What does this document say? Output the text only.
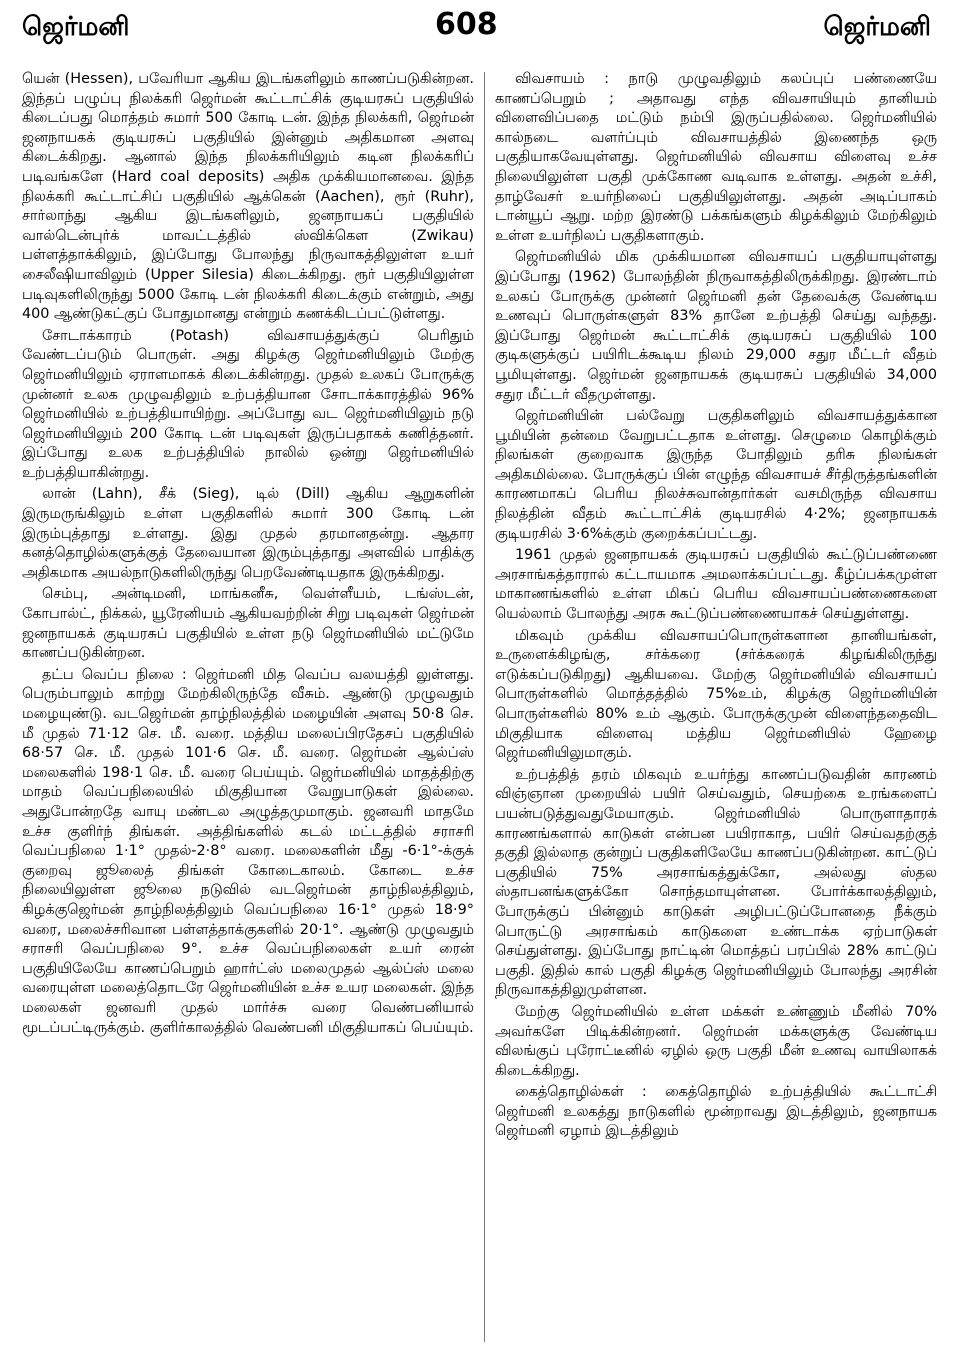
ஜெர்மனி	608	ஜெர்மனி

யென் (Hessen), பவேரியா ஆகிய இடங்களிலும் காணப்படுகின்றன. இந்தப் பழுப்பு நிலக்கரி ஜெர்மன் கூட்டாட்சிக் குடியரசுப் பகுதியில் கிடைப்பது மொத்தம் சுமார் 500 கோடி டன். இந்த நிலக்கரி, ஜெர்மன் ஜனநாயகக் குடியரசுப் பகுதியில் இன்னும் அதிகமான அளவு கிடைக்கிறது. ஆனால் இந்த நிலக்கரியிலும் கடின நிலக்கரிப் படிவங்களே (Hard coal deposits) அதிக முக்கியமானவை. இந்த நிலக்கரி கூட்டாட்சிப் பகுதியில் ஆக்கென் (Aachen), ரூர் (Ruhr), சார்லாந்து ஆகிய இடங்களிலும், ஜனநாயகப் பகுதியில் வால்டென்புர்க் மாவட்டத்தில் ஸ்விக்கெள (Zwikau) பள்ளத்தாக்கிலும், இப்போது போலந்து நிருவாகத்திலுள்ள உயர் சைலீஷியாவிலும் (Upper Silesia) கிடைக்கிறது. ரூர் பகுதியிலுள்ள படிவுகளிலிருந்து 5000 கோடி டன் நிலக்கரி கிடைக்கும் என்றும், அது 400 ஆண்டுகட்குப் போதுமானது என்றும் கணக்கிடப்பட்டுள்ளது.

சோடாக்காரம் (Potash) விவசாயத்துக்குப் பெரிதும் வேண்டப்படும் பொருள். அது கிழக்கு ஜெர்மனியிலும் மேற்கு ஜெர்மனியிலும் ஏராளமாகக் கிடைக்கின்றது. முதல் உலகப் போருக்கு முன்னர் உலக முழுவதிலும் உற்பத்தியான சோடாக்காரத்தில் 96% ஜெர்மனியில் உற்பத்தியாயிற்று. அப்போது வட ஜெர்மனியிலும் நடு ஜெர்மனியிலும் 200 கோடி டன் படிவுகள் இருப்பதாகக் கணித்தனர். இப்போது உலக உற்பத்தியில் நாலில் ஒன்று ஜெர்மனியில் உற்பத்தியாகின்றது.

லான் (Lahn), சீக் (Sieg), டில் (Dill) ஆகிய ஆறுகளின் இருமருங்கிலும் உள்ள பகுதிகளில் சுமார் 300 கோடி டன் இரும்புத்தாது உள்ளது. இது முதல் தரமானதன்று. ஆதார கனத்தொழில்களுக்குத் தேவையான இரும்புத்தாது அளவில் பாதிக்கு அதிகமாக அயல்நாடுகளிலிருந்து பெறவேண்டியதாக இருக்கிறது.

செம்பு, அன்டிமனி, மாங்கனீசு, வெள்ளீயம், டங்ஸ்டன், கோபால்ட், நிக்கல், யூரேனியம் ஆகியவற்றின் சிறு படிவுகள் ஜெர்மன் ஜனநாயகக் குடியரசுப் பகுதியில் உள்ள நடு ஜெர்மனியில் மட்டுமே காணப்படுகின்றன.

தட்ப வெப்ப நிலை : ஜெர்மனி மித வெப்ப வலயத்தி லுள்ளது. பெரும்பாலும் காற்று மேற்கிலிருந்தே வீசும். ஆண்டு முழுவதும் மழையுண்டு. வடஜெர்மன் தாழ்நிலத்தில் மழையின் அளவு 50·8 செ. மீ முதல் 71·12 செ. மீ. வரை. மத்திய மலைப்பிரதேசப் பகுதியில் 68·57 செ. மீ. முதல் 101·6 செ. மீ. வரை. ஜெர்மன் ஆல்ப்ஸ் மலைகளில் 198·1 செ. மீ. வரை பெய்யும். ஜெர்மனியில் மாதத்திற்கு மாதம் வெப்பநிலையில் மிகுதியான வேறுபாடுகள் இல்லை. அதுபோன்றதே வாயு மண்டல அழுத்தமுமாகும். ஜனவரி மாதமே உச்ச குளிர்ந் திங்கள். அத்திங்களில் கடல் மட்டத்தில் சராசரி வெப்பநிலை 1·1° முதல்-2·8° வரை. மலைகளின் மீது -6·1°-க்குக் குறைவு ஜூலைத் திங்கள் கோடைகாலம். கோடை உச்ச நிலையிலுள்ள ஜூலை நடுவில் வடஜெர்மன் தாழ்நிலத்திலும், கிழக்குஜெர்மன் தாழ்நிலத்திலும் வெப்பநிலை 16·1° முதல் 18·9° வரை, மலைச்சரிவான பள்ளத்தாக்குகளில் 20·1°. ஆண்டு முழுவதும் சராசரி வெப்பநிலை 9°. உச்ச வெப்பநிலைகள் உயர் ரைன் பகுதியிலேயே காணப்பெறும் ஹார்ட்ஸ் மலைமுதல் ஆல்ப்ஸ் மலை வரையுள்ள மலைத்தொடரே ஜெர்மனியின் உச்ச உயர மலைகள். இந்த மலைகள் ஜனவரி முதல் மார்ச்சு வரை வெண்பனியால் மூடப்பட்டிருக்கும். குளிர்காலத்தில் வெண்பனி மிகுதியாகப் பெய்யும்.

விவசாயம் : நாடு முழுவதிலும் கலப்புப் பண்ணையே காணப்பெறும் ; அதாவது எந்த விவசாயியும் தானியம் விளைவிப்பதை மட்டும் நம்பி இருப்பதில்லை. ஜெர்மனியில் கால்நடை வளர்ப்பும் விவசாயத்தில் இணைந்த ஒரு பகுதியாகவேயுள்ளது. ஜெர்மனியில் விவசாய விளைவு உச்ச நிலையிலுள்ள பகுதி முக்கோண வடிவாக உள்ளது. அதன் உச்சி, தாழ்வேசர் உயர்நிலைப் பகுதியிலுள்ளது. அதன் அடிப்பாகம் டான்யூப் ஆறு. மற்ற இரண்டு பக்கங்களும் கிழக்கிலும் மேற்கிலும் உள்ள உயர்நிலப் பகுதிகளாகும்.

ஜெர்மனியில் மிக முக்கியமான விவசாயப் பகுதியாயுள்ளது இப்போது (1962) போலந்தின் நிருவாகத்திலிருக்கிறது. இரண்டாம் உலகப் போருக்கு முன்னர் ஜெர்மனி தன் தேவைக்கு வேண்டிய உணவுப் பொருள்களுள் 83% தானே உற்பத்தி செய்து வந்தது. இப்போது ஜெர்மன் கூட்டாட்சிக் குடியரசுப் பகுதியில் 100 குடிகளுக்குப் பயிரிடக்கூடிய நிலம் 29,000 சதுர மீட்டர் வீதம் பூமியுள்ளது. ஜெர்மன் ஜனநாயகக் குடியரசுப் பகுதியில் 34,000 சதுர மீட்டர் வீதமுள்ளது.

ஜெர்மனியின் பல்வேறு பகுதிகளிலும் விவசாயத்துக்கான பூமியின் தன்மை வேறுபட்டதாக உள்ளது. செழுமை கொழிக்கும் நிலங்கள் குறைவாக இருந்த போதிலும் தரிசு நிலங்கள் அதிகமில்லை. போருக்குப் பின் எழுந்த விவசாயச் சீர்திருத்தங்களின் காரணமாகப் பெரிய நிலச்சுவான்தார்கள் வசமிருந்த விவசாய நிலத்தின் வீதம் கூட்டாட்சிக் குடியரசில் 4·2%; ஜனநாயகக் குடியரசில் 3·6%க்கும் குறைக்கப்பட்டது.

1961 முதல் ஜனநாயகக் குடியரசுப் பகுதியில் கூட்டுப்பண்ணை அரசாங்கத்தாரால் கட்டாயமாக அமலாக்கப்பட்டது. கீழ்ப்பக்கமுள்ள மாகாணங்களில் உள்ள மிகப் பெரிய விவசாயப்பண்ணைகளை யெல்லாம் போலந்து அரசு கூட்டுப்பண்ணையாகச் செய்துள்ளது.

மிகவும் முக்கிய விவசாயப்பொருள்களான தானியங்கள், உருளைக்கிழங்கு, சர்க்கரை (சர்க்கரைக் கிழங்கிலிருந்து எடுக்கப்படுகிறது) ஆகியவை. மேற்கு ஜெர்மனியில் விவசாயப் பொருள்களில் மொத்தத்தில் 75%உம், கிழக்கு ஜெர்மனியின் பொருள்களில் 80% உம் ஆகும். போருக்குமுன் விளைந்ததைவிட மிகுதியாக விளைவு மத்திய ஜெர்மனியில் ஹேழை ஜெர்மனியிலுமாகும்.

உற்பத்தித் தரம் மிகவும் உயர்ந்து காணப்படுவதின் காரணம் விஞ்ஞான முறையில் பயிர் செய்வதும், செயற்கை உரங்களைப் பயன்படுத்துவதுமேயாகும். ஜெர்மனியில் பொருளாதாரக் காரணங்களால் காடுகள் என்பன பயிராகாத, பயிர் செய்வதற்குத் தகுதி இல்லாத குன்றுப் பகுதிகளிலேயே காணப்படுகின்றன. காட்டுப் பகுதியில் 75% அரசாங்கத்துக்கோ, அல்லது ஸ்தல ஸ்தாபனங்களுக்கோ சொந்தமாயுள்ளன. போர்க்காலத்திலும், போருக்குப் பின்னும் காடுகள் அழிபட்டுப்போனதை நீக்கும் பொருட்டு அரசாங்கம் காடுகளை உண்டாக்க ஏற்பாடுகள் செய்துள்ளது. இப்போது நாட்டின் மொத்தப் பரப்பில் 28% காட்டுப் பகுதி. இதில் கால் பகுதி கிழக்கு ஜெர்மனியிலும் போலந்து அரசின் நிருவாகத்திலுமுள்ளன.

மேற்கு ஜெர்மனியில் உள்ள மக்கள் உண்ணும் மீனில் 70% அவர்களே பிடிக்கின்றனர். ஜெர்மன் மக்களுக்கு வேண்டிய விலங்குப் புரோட்டீனில் ஏழில் ஒரு பகுதி மீன் உணவு வாயிலாகக் கிடைக்கிறது.

கைத்தொழில்கள் : கைத்தொழில் உற்பத்தியில் கூட்டாட்சி ஜெர்மனி உலகத்து நாடுகளில் மூன்றாவது இடத்திலும், ஜனநாயக ஜெர்மனி ஏழாம் இடத்திலும்
